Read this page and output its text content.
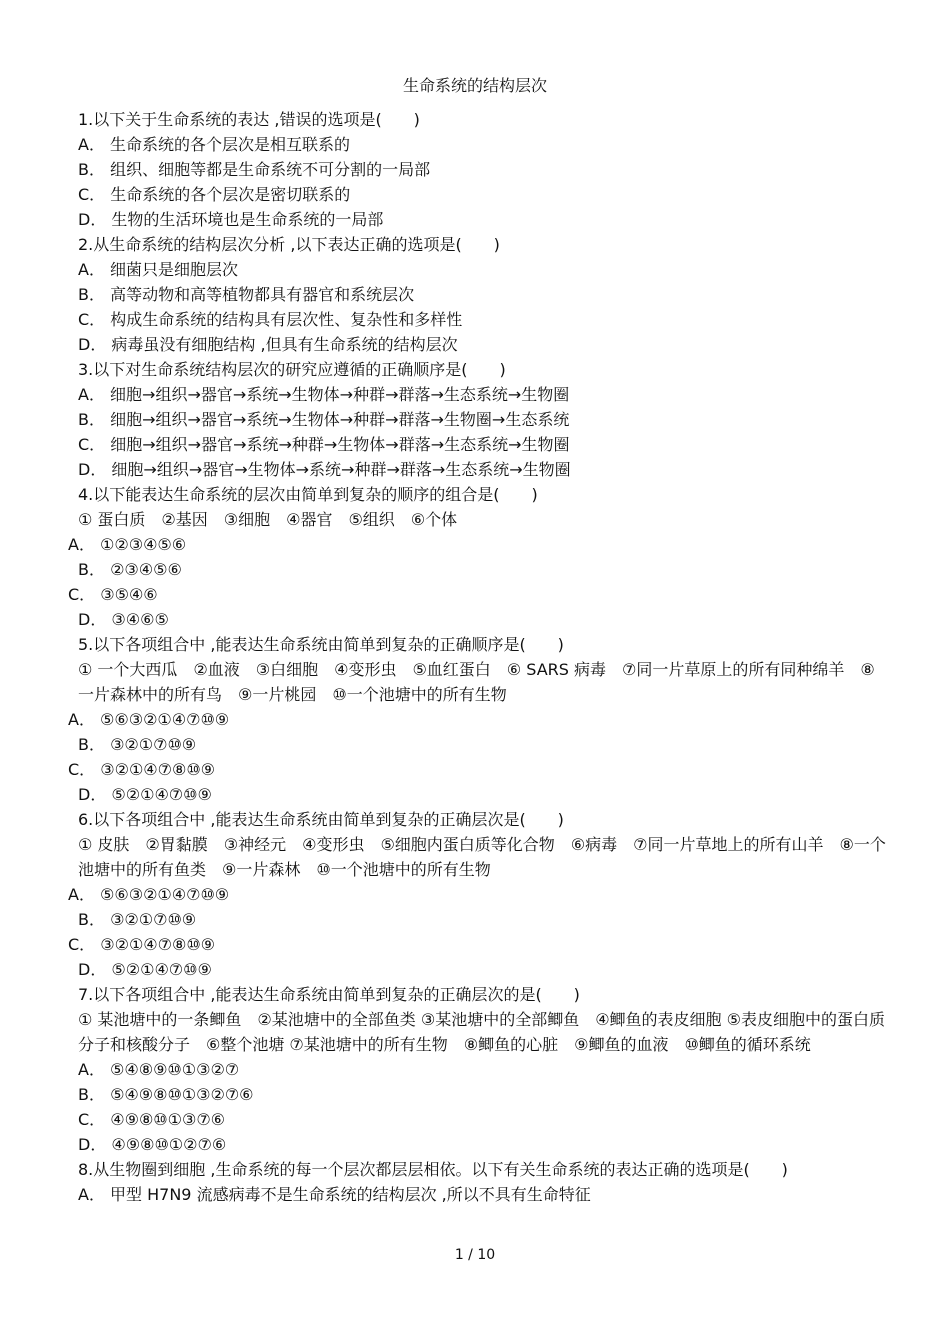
生命系统的结构层次
1.以下关于生命系统的表达 ,错误的选项是(　　)
A． 生命系统的各个层次是相互联系的
B． 组织、细胞等都是生命系统不可分割的一局部
C． 生命系统的各个层次是密切联系的
D． 生物的生活环境也是生命系统的一局部
2.从生命系统的结构层次分析 ,以下表达正确的选项是(　　)
A． 细菌只是细胞层次
B． 高等动物和高等植物都具有器官和系统层次
C． 构成生命系统的结构具有层次性、复杂性和多样性
D． 病毒虽没有细胞结构 ,但具有生命系统的结构层次
3.以下对生命系统结构层次的研究应遵循的正确顺序是(　　)
A． 细胞→组织→器官→系统→生物体→种群→群落→生态系统→生物圈
B． 细胞→组织→器官→系统→生物体→种群→群落→生物圈→生态系统
C． 细胞→组织→器官→系统→种群→生物体→群落→生态系统→生物圈
D． 细胞→组织→器官→生物体→系统→种群→群落→生态系统→生物圈
4.以下能表达生命系统的层次由简单到复杂的顺序的组合是(　　)
① 蛋白质　②基因　③细胞　④器官　⑤组织　⑥个体
A． ①②③④⑤⑥
B． ②③④⑤⑥
C． ③⑤④⑥
D． ③④⑥⑤
5.以下各项组合中 ,能表达生命系统由简单到复杂的正确顺序是(　　)
① 一个大西瓜　②血液　③白细胞　④变形虫　⑤血红蛋白　⑥ SARS 病毒　⑦同一片草原上的所有同种绵羊　⑧一片森林中的所有鸟　⑨一片桃园　⑩一个池塘中的所有生物
A． ⑤⑥③②①④⑦⑩⑨
B． ③②①⑦⑩⑨
C． ③②①④⑦⑧⑩⑨
D． ⑤②①④⑦⑩⑨
6.以下各项组合中 ,能表达生命系统由简单到复杂的正确层次是(　　)
① 皮肤　②胃黏膜　③神经元　④变形虫　⑤细胞内蛋白质等化合物　⑥病毒　⑦同一片草地上的所有山羊　⑧一个池塘中的所有鱼类　⑨一片森林　⑩一个池塘中的所有生物
A． ⑤⑥③②①④⑦⑩⑨
B． ③②①⑦⑩⑨
C． ③②①④⑦⑧⑩⑨
D． ⑤②①④⑦⑩⑨
7.以下各项组合中 ,能表达生命系统由简单到复杂的正确层次的是(　　)
① 某池塘中的一条鲫鱼　②某池塘中的全部鱼类 ③某池塘中的全部鲫鱼　④鲫鱼的表皮细胞 ⑤表皮细胞中的蛋白质分子和核酸分子　⑥整个池塘 ⑦某池塘中的所有生物　⑧鲫鱼的心脏　⑨鲫鱼的血液　⑩鲫鱼的循环系统
A． ⑤④⑧⑨⑩①③②⑦
B． ⑤④⑨⑧⑩①③②⑦⑥
C． ④⑨⑧⑩①③⑦⑥
D． ④⑨⑧⑩①②⑦⑥
8.从生物圈到细胞 ,生命系统的每一个层次都层层相依。以下有关生命系统的表达正确的选项是(　　)
A． 甲型 H7N9 流感病毒不是生命系统的结构层次 ,所以不具有生命特征
1 / 10
